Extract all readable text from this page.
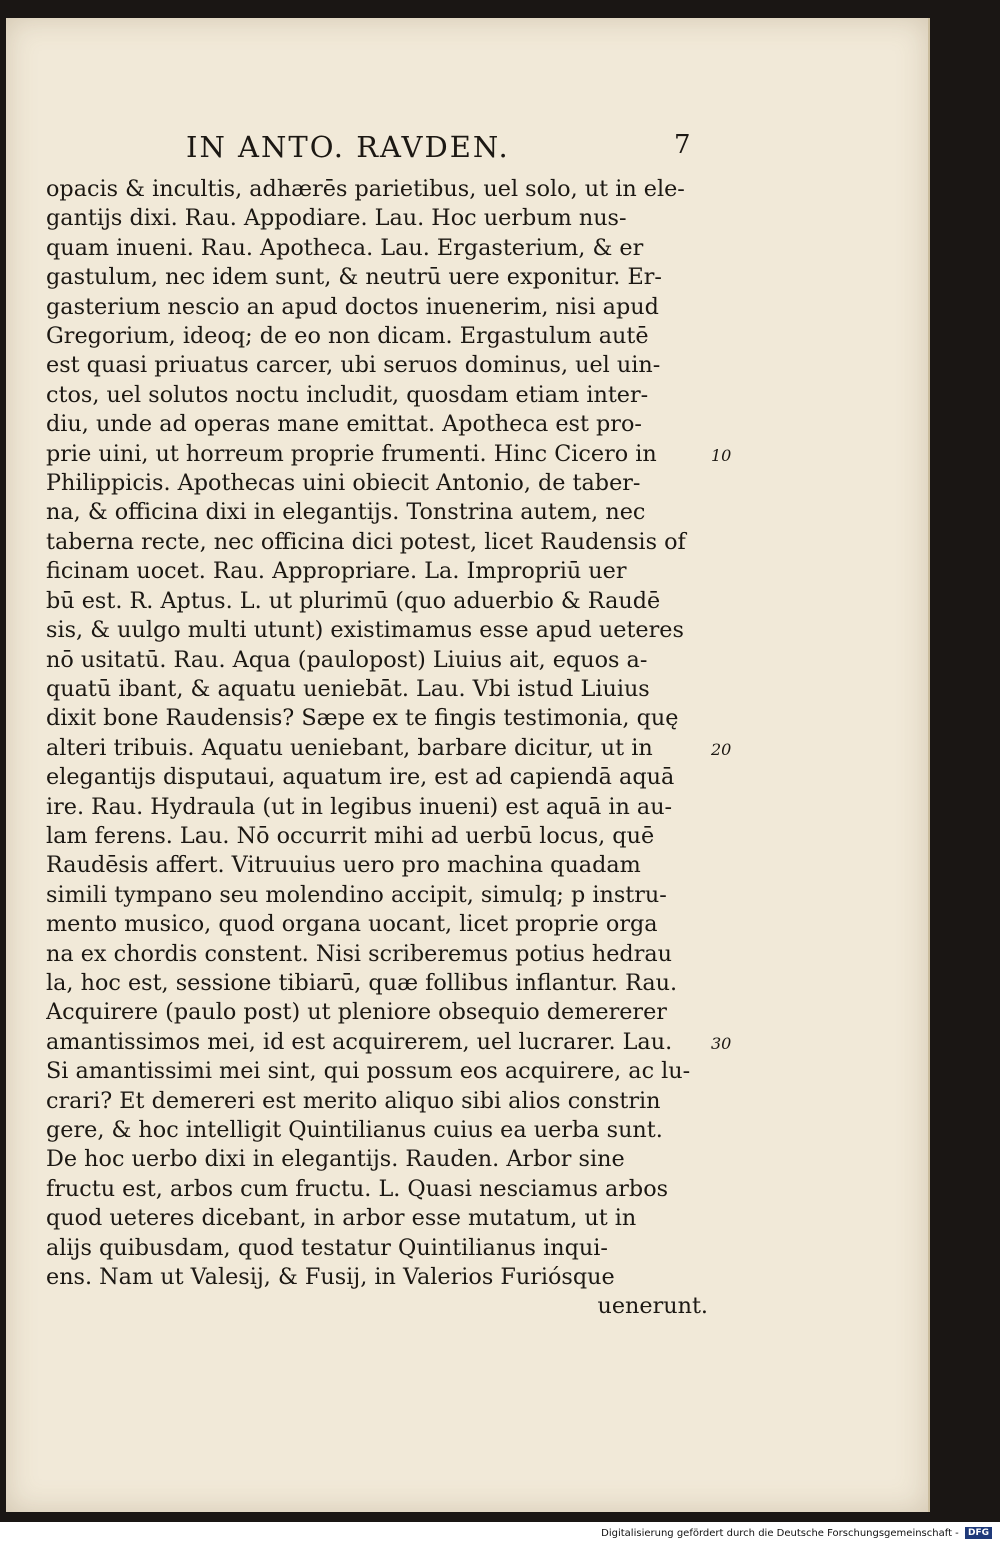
IN ANTO. RAVDEN.	7
opacis & incultis, adhærēs parietibus, uel solo, ut in ele-
gantijs dixi. Rau. Appodiare. Lau. Hoc uerbum nus-
quam inueni. Rau. Apotheca. Lau. Ergasterium, & er
gastulum, nec idem sunt, & neutrū uere exponitur. Er-
gasterium nescio an apud doctos inuenerim, nisi apud
Gregorium, ideoq; de eo non dicam. Ergastulum autē
est quasi priuatus carcer, ubi seruos dominus, uel uin-
ctos, uel solutos noctu includit, quosdam etiam inter-
diu, unde ad operas mane emittat. Apotheca est pro-
prie uini, ut horreum proprie frumenti. Hinc Cicero in
Philippicis. Apothecas uini obiecit Antonio, de taber-
na, & officina dixi in elegantijs. Tonstrina autem, nec
taberna recte, nec officina dici potest, licet Raudensis of
ficinam uocet. Rau. Appropriare. La. Impropriū uer
bū est. R. Aptus. L. ut plurimū (quo aduerbio & Raudē
sis, & uulgo multi utunt) existimamus esse apud ueteres
nō usitatū. Rau. Aqua (paulopost) Liuius ait, equos a-
quatū ibant, & aquatu ueniebāt. Lau. Vbi istud Liuius
dixit bone Raudensis? Sæpe ex te fingis testimonia, quę
alteri tribuis. Aquatu ueniebant, barbare dicitur, ut in
elegantijs disputaui, aquatum ire, est ad capiendā aquā
ire. Rau. Hydraula (ut in legibus inueni) est aquā in au-
lam ferens. Lau. Nō occurrit mihi ad uerbū locus, quē
Raudēsis affert. Vitruuius uero pro machina quadam
simili tympano seu molendino accipit, simulq; p instru-
mento musico, quod organa uocant, licet proprie orga
na ex chordis constent. Nisi scriberemus potius hedrau
la, hoc est, sessione tibiarū, quæ follibus inflantur. Rau.
Acquirere (paulo post) ut pleniore obsequio demererer
amantissimos mei, id est acquirerem, uel lucrarer. Lau.
Si amantissimi mei sint, qui possum eos acquirere, ac lu-
crari? Et demereri est merito aliquo sibi alios constrin
gere, & hoc intelligit Quintilianus cuius ea uerba sunt.
De hoc uerbo dixi in elegantijs. Rauden. Arbor sine
fructu est, arbos cum fructu. L. Quasi nesciamus arbos
quod ueteres dicebant, in arbor esse mutatum, ut in
alijs quibusdam, quod testatur Quintilianus inqui-
ens. Nam ut Valesij, & Fusij, in Valerios Furiósque
uenerunt.
10
20
30
Digitalisierung gefördert durch die Deutsche Forschungsgemeinschaft - DFG
